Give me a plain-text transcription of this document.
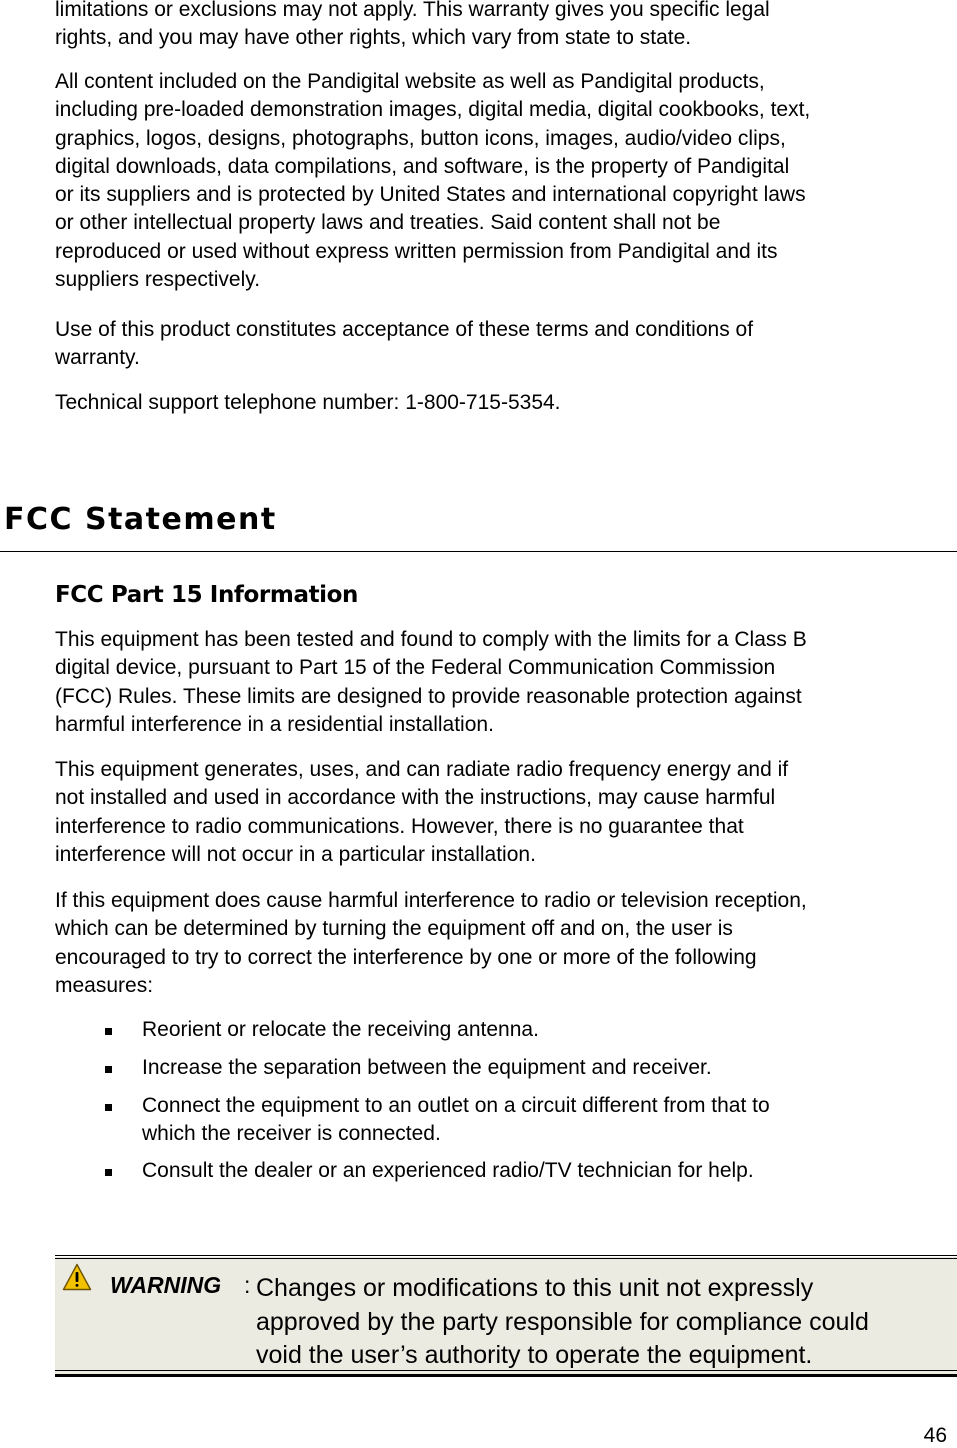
limitations or exclusions may not apply. This warranty gives you specific legal
rights, and you may have other rights, which vary from state to state.

All content included on the Pandigital website as well as Pandigital products,
including pre-loaded demonstration images, digital media, digital cookbooks, text,
graphics, logos, designs, photographs, button icons, images, audio/video clips,
digital downloads, data compilations, and software, is the property of Pandigital
or its suppliers and is protected by United States and international copyright laws
or other intellectual property laws and treaties. Said content shall not be
reproduced or used without express written permission from Pandigital and its
suppliers respectively.

Use of this product constitutes acceptance of these terms and conditions of
warranty.

Technical support telephone number: 1-800-715-5354.

FCC Statement
FCC Part 15 Information

This equipment has been tested and found to comply with the limits for a Class B
digital device, pursuant to Part 15 of the Federal Communication Commission
(FCC) Rules. These limits are designed to provide reasonable protection against
harmful interference in a residential installation.

This equipment generates, uses, and can radiate radio frequency energy and if
not installed and used in accordance with the instructions, may cause harmful
interference to radio communications. However, there is no guarantee that
interference will not occur in a particular installation.

If this equipment does cause harmful interference to radio or television reception,
which can be determined by turning the equipment off and on, the user is
encouraged to try to correct the interference by one or more of the following
measures:

Reorient or relocate the receiving antenna.
Increase the separation between the equipment and receiver.
Connect the equipment to an outlet on a circuit different from that to
which the receiver is connected.
Consult the dealer or an experienced radio/TV technician for help.
WARNING : Changes or modifications to this unit not expressly
approved by the party responsible for compliance could
void the user’s authority to operate the equipment.
46
